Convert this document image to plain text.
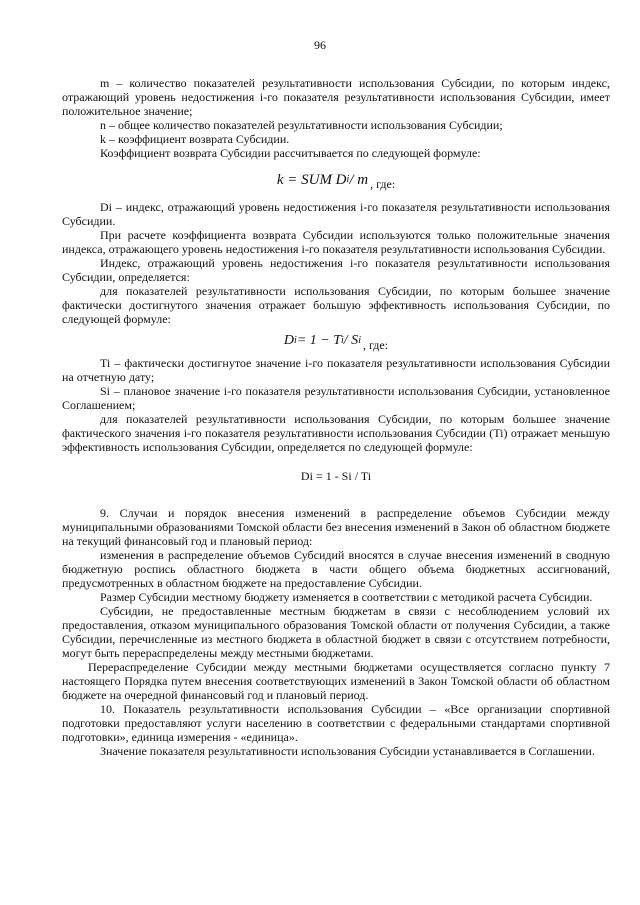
96

m – количество показателей результативности использования Субсидии, по которым индекс, отражающий уровень недостижения i-го показателя результативности использования Субсидии, имеет положительное значение;

n – общее количество показателей результативности использования Субсидии;

k – коэффициент возврата Субсидии.

Коэффициент возврата Субсидии рассчитывается по следующей формуле:

k = SUM D i / m , где:

Di – индекс, отражающий уровень недостижения i-го показателя результативности использования Субсидии.

При расчете коэффициента возврата Субсидии используются только положительные значения индекса, отражающего уровень недостижения i-го показателя результативности использования Субсидии.

Индекс, отражающий уровень недостижения i-го показателя результативности использования Субсидии, определяется:

для показателей результативности использования Субсидии, по которым большее значение фактически достигнутого значения отражает большую эффективность использования Субсидии, по следующей формуле:

D i = 1 − T i / S i , где:

Ti – фактически достигнутое значение i-го показателя результативности использования Субсидии на отчетную дату;

Si – плановое значение i-го показателя результативности использования Субсидии, установленное Соглашением;

для показателей результативности использования Субсидии, по которым большее значение фактического значения i-го показателя результативности использования Субсидии (Ti) отражает меньшую эффективность использования Субсидии, определяется по следующей формуле:

Di = 1 - Si / Ti

9. Случаи и порядок внесения изменений в распределение объемов Субсидии между муниципальными образованиями Томской области без внесения изменений в Закон об областном бюджете на текущий финансовый год и плановый период:

изменения в распределение объемов Субсидий вносятся в случае внесения изменений в сводную бюджетную роспись областного бюджета в части общего объема бюджетных ассигнований, предусмотренных в областном бюджете на предоставление Субсидии.

Размер Субсидии местному бюджету изменяется в соответствии с методикой расчета Субсидии.

Субсидии, не предоставленные местным бюджетам в связи с несоблюдением условий их предоставления, отказом муниципального образования Томской области от получения Субсидии, а также Субсидии, перечисленные из местного бюджета в областной бюджет в связи с отсутствием потребности, могут быть перераспределены между местными бюджетами.

Перераспределение Субсидии между местными бюджетами осуществляется согласно пункту 7 настоящего Порядка путем внесения соответствующих изменений в Закон Томской области об областном бюджете на очередной финансовый год и плановый период.

10. Показатель результативности использования Субсидии – «Все организации спортивной подготовки предоставляют услуги населению в соответствии с федеральными стандартами спортивной подготовки», единица измерения - «единица».

Значение показателя результативности использования Субсидии устанавливается в Соглашении.
